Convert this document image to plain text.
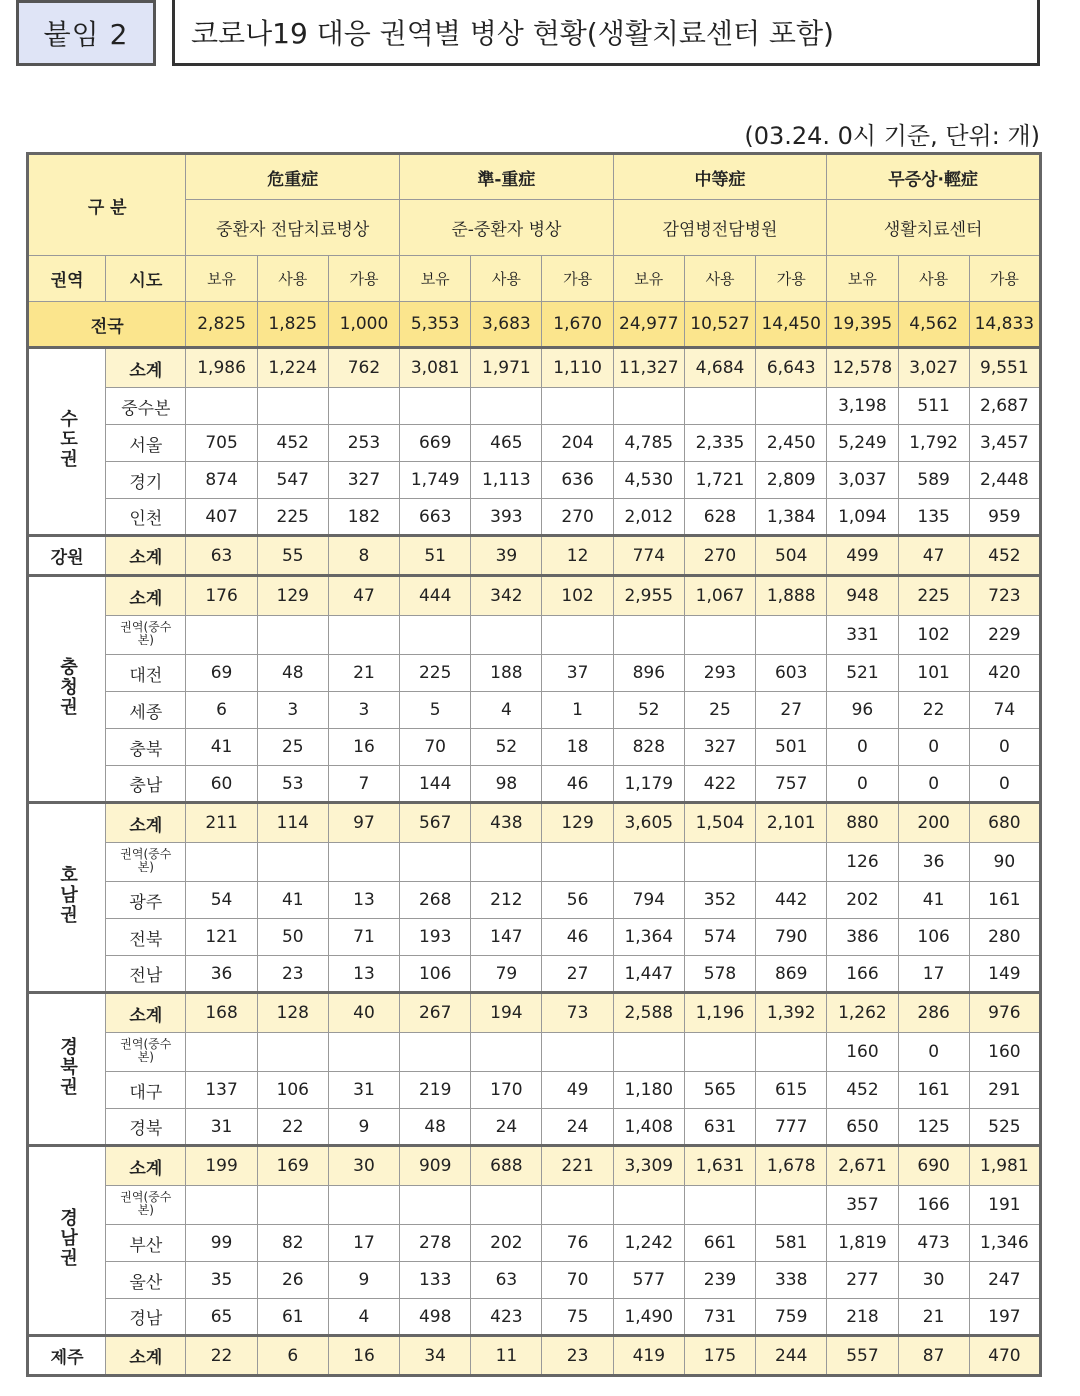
붙임 2	코로나19 대응 권역별 병상 현황(생활치료센터 포함)
(03.24. 0시 기준, 단위: 개)
구 분		危重症			準-重症			中等症			무증상·輕症		
		중환자 전담치료병상			준-중환자 병상			감염병전담병원			생활치료센터		
권역	시도	보유	사용	가용	보유	사용	가용	보유	사용	가용	보유	사용	가용
전국		2,825	1,825	1,000	5,353	3,683	1,670	24,977	10,527	14,450	19,395	4,562	14,833
수도권	소계	1,986	1,224	762	3,081	1,971	1,110	11,327	4,684	6,643	12,578	3,027	9,551
	중수본										3,198	511	2,687
	서울	705	452	253	669	465	204	4,785	2,335	2,450	5,249	1,792	3,457
	경기	874	547	327	1,749	1,113	636	4,530	1,721	2,809	3,037	589	2,448
	인천	407	225	182	663	393	270	2,012	628	1,384	1,094	135	959
강원	소계	63	55	8	51	39	12	774	270	504	499	47	452
충청권	소계	176	129	47	444	342	102	2,955	1,067	1,888	948	225	723
	권역(중수본)										331	102	229
	대전	69	48	21	225	188	37	896	293	603	521	101	420
	세종	6	3	3	5	4	1	52	25	27	96	22	74
	충북	41	25	16	70	52	18	828	327	501	0	0	0
	충남	60	53	7	144	98	46	1,179	422	757	0	0	0
호남권	소계	211	114	97	567	438	129	3,605	1,504	2,101	880	200	680
	권역(중수본)										126	36	90
	광주	54	41	13	268	212	56	794	352	442	202	41	161
	전북	121	50	71	193	147	46	1,364	574	790	386	106	280
	전남	36	23	13	106	79	27	1,447	578	869	166	17	149
경북권	소계	168	128	40	267	194	73	2,588	1,196	1,392	1,262	286	976
	권역(중수본)										160	0	160
	대구	137	106	31	219	170	49	1,180	565	615	452	161	291
	경북	31	22	9	48	24	24	1,408	631	777	650	125	525
경남권	소계	199	169	30	909	688	221	3,309	1,631	1,678	2,671	690	1,981
	권역(중수본)										357	166	191
	부산	99	82	17	278	202	76	1,242	661	581	1,819	473	1,346
	울산	35	26	9	133	63	70	577	239	338	277	30	247
	경남	65	61	4	498	423	75	1,490	731	759	218	21	197
제주	소계	22	6	16	34	11	23	419	175	244	557	87	470
